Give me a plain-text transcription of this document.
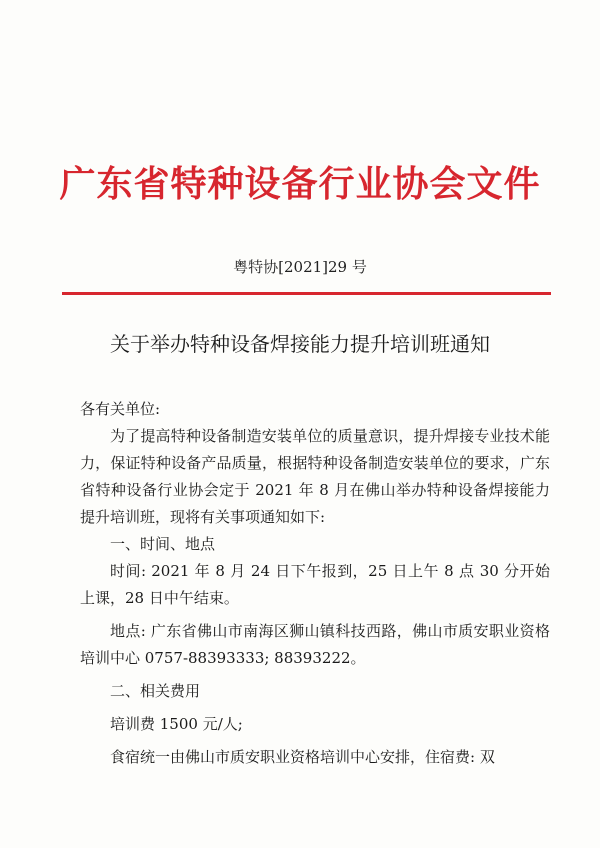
广东省特种设备行业协会文件
粤特协[2021]29 号
关于举办特种设备焊接能力提升培训班通知

各有关单位:

为了提高特种设备制造安装单位的质量意识，提升焊接专业技术能力，保证特种设备产品质量，根据特种设备制造安装单位的要求，广东省特种设备行业协会定于 2021 年 8 月在佛山举办特种设备焊接能力提升培训班，现将有关事项通知如下:

一、时间、地点

时间: 2021 年 8 月 24 日下午报到，25 日上午 8 点 30 分开始上课，28 日中午结束。

地点: 广东省佛山市南海区狮山镇科技西路，佛山市质安职业资格培训中心 0757-88393333; 88393222。

二、相关费用

培训费 1500 元/人;

食宿统一由佛山市质安职业资格培训中心安排，住宿费: 双
